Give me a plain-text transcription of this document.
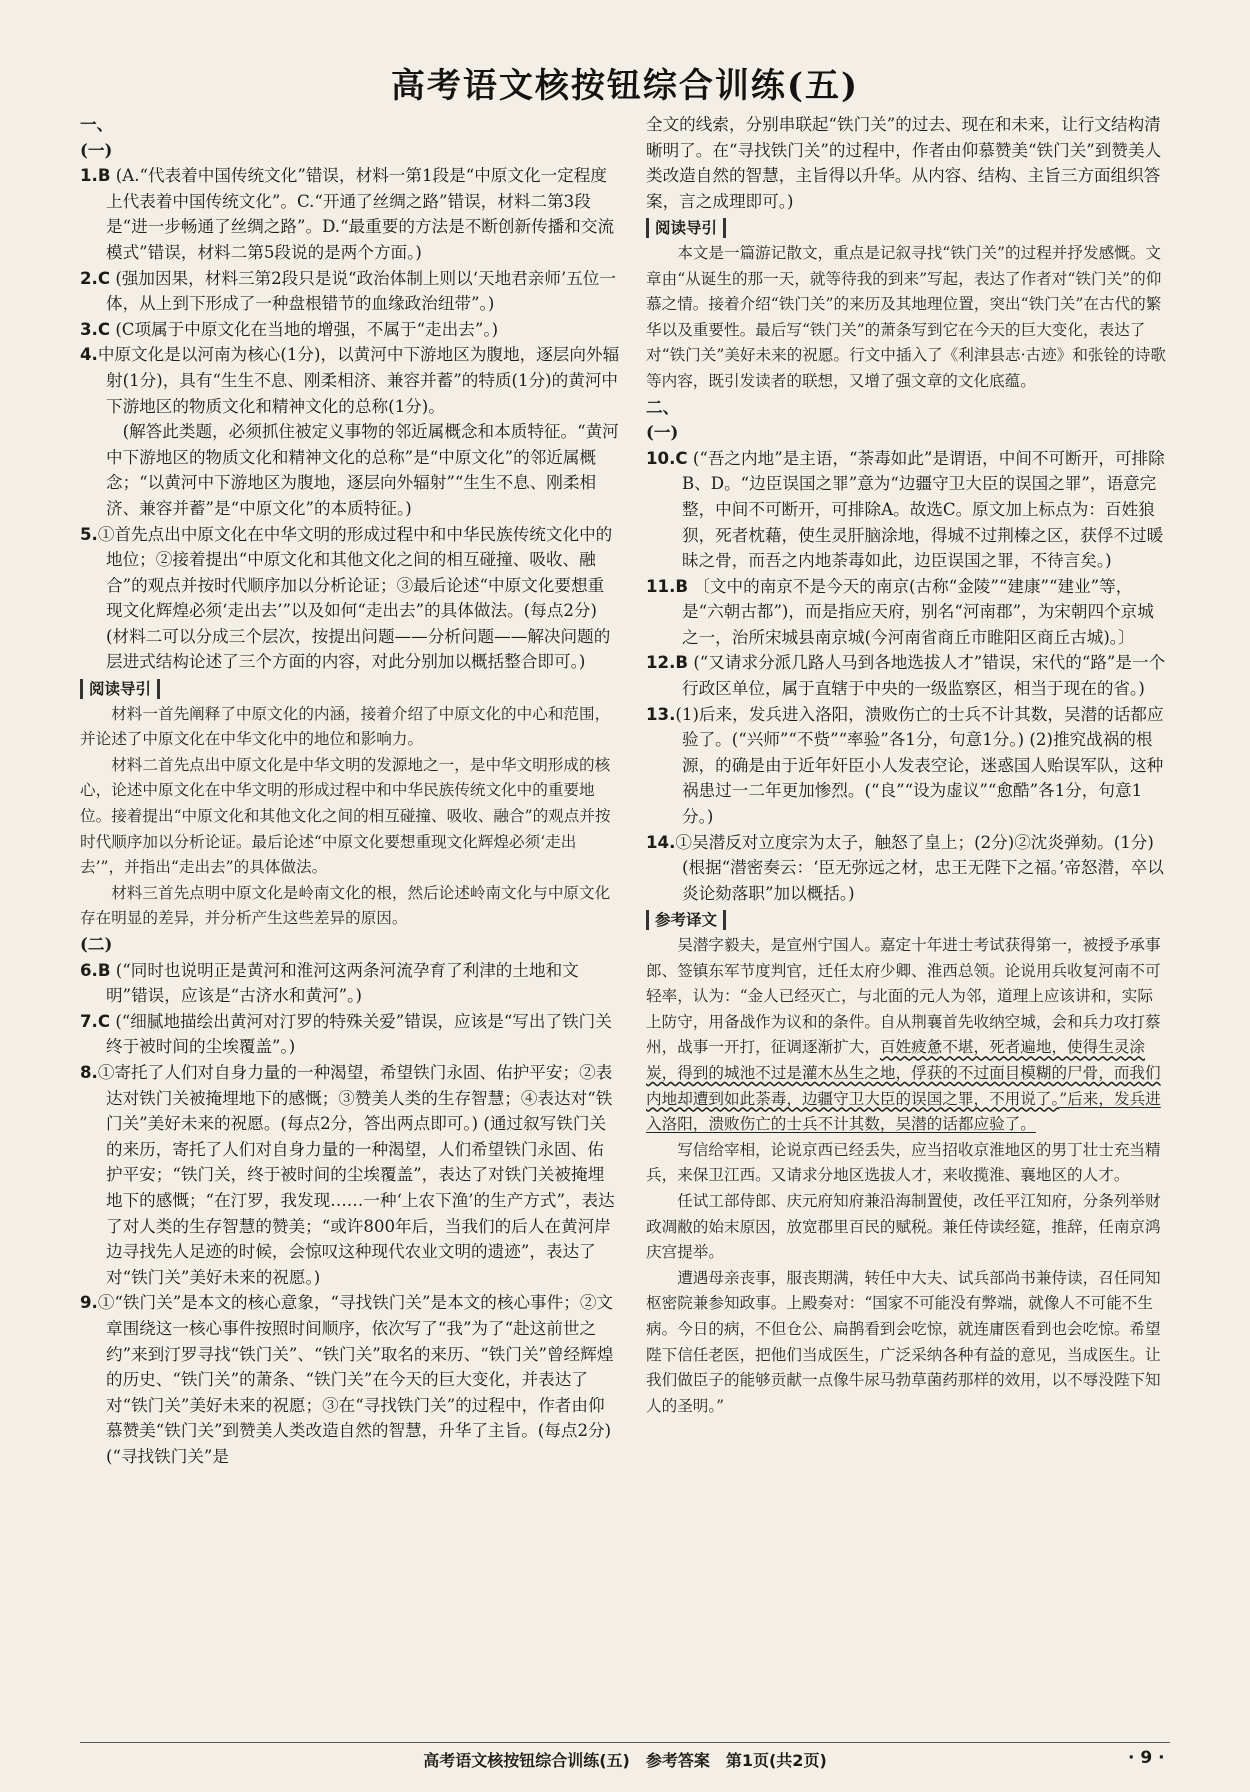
高考语文核按钮综合训练(五)

一、

(一)

1.B (A.“代表着中国传统文化”错误，材料一第1段是“中原文化一定程度上代表着中国传统文化”。C.“开通了丝绸之路”错误，材料二第3段是“进一步畅通了丝绸之路”。D.“最重要的方法是不断创新传播和交流模式”错误，材料二第5段说的是两个方面。)

2.C (强加因果，材料三第2段只是说“政治体制上则以‘天地君亲师’五位一体，从上到下形成了一种盘根错节的血缘政治纽带”。)

3.C (C项属于中原文化在当地的增强，不属于“走出去”。)

4.中原文化是以河南为核心(1分)，以黄河中下游地区为腹地，逐层向外辐射(1分)，具有“生生不息、刚柔相济、兼容并蓄”的特质(1分)的黄河中下游地区的物质文化和精神文化的总称(1分)。

(解答此类题，必须抓住被定义事物的邻近属概念和本质特征。“黄河中下游地区的物质文化和精神文化的总称”是“中原文化”的邻近属概念；“以黄河中下游地区为腹地，逐层向外辐射”“生生不息、刚柔相济、兼容并蓄”是“中原文化”的本质特征。)

5.①首先点出中原文化在中华文明的形成过程中和中华民族传统文化中的地位；②接着提出“中原文化和其他文化之间的相互碰撞、吸收、融合”的观点并按时代顺序加以分析论证；③最后论述“中原文化要想重现文化辉煌必须‘走出去’”以及如何“走出去”的具体做法。(每点2分) (材料二可以分成三个层次，按提出问题——分析问题——解决问题的层进式结构论述了三个方面的内容，对此分别加以概括整合即可。)

阅读导引

材料一首先阐释了中原文化的内涵，接着介绍了中原文化的中心和范围，并论述了中原文化在中华文化中的地位和影响力。

材料二首先点出中原文化是中华文明的发源地之一，是中华文明形成的核心，论述中原文化在中华文明的形成过程中和中华民族传统文化中的重要地位。接着提出“中原文化和其他文化之间的相互碰撞、吸收、融合”的观点并按时代顺序加以分析论证。最后论述“中原文化要想重现文化辉煌必须‘走出去’”，并指出“走出去”的具体做法。

材料三首先点明中原文化是岭南文化的根，然后论述岭南文化与中原文化存在明显的差异，并分析产生这些差异的原因。

(二)

6.B (“同时也说明正是黄河和淮河这两条河流孕育了利津的土地和文明”错误，应该是“古济水和黄河”。)

7.C (“细腻地描绘出黄河对汀罗的特殊关爱”错误，应该是“写出了铁门关终于被时间的尘埃覆盖”。)

8.①寄托了人们对自身力量的一种渴望，希望铁门永固、佑护平安；②表达对铁门关被掩埋地下的感慨；③赞美人类的生存智慧；④表达对“铁门关”美好未来的祝愿。(每点2分，答出两点即可。) (通过叙写铁门关的来历，寄托了人们对自身力量的一种渴望，人们希望铁门永固、佑护平安；“铁门关，终于被时间的尘埃覆盖”，表达了对铁门关被掩埋地下的感慨；“在汀罗，我发现……一种‘上农下渔’的生产方式”，表达了对人类的生存智慧的赞美；“或许800年后，当我们的后人在黄河岸边寻找先人足迹的时候，会惊叹这种现代农业文明的遗迹”，表达了对“铁门关”美好未来的祝愿。)

9.①“铁门关”是本文的核心意象，“寻找铁门关”是本文的核心事件；②文章围绕这一核心事件按照时间顺序，依次写了“我”为了“赴这前世之约”来到汀罗寻找“铁门关”、“铁门关”取名的来历、“铁门关”曾经辉煌的历史、“铁门关”的萧条、“铁门关”在今天的巨大变化，并表达了对“铁门关”美好未来的祝愿；③在“寻找铁门关”的过程中，作者由仰慕赞美“铁门关”到赞美人类改造自然的智慧，升华了主旨。(每点2分) (“寻找铁门关”是

全文的线索，分别串联起“铁门关”的过去、现在和未来，让行文结构清晰明了。在“寻找铁门关”的过程中，作者由仰慕赞美“铁门关”到赞美人类改造自然的智慧，主旨得以升华。从内容、结构、主旨三方面组织答案，言之成理即可。)

阅读导引

本文是一篇游记散文，重点是记叙寻找“铁门关”的过程并抒发感慨。文章由“从诞生的那一天，就等待我的到来”写起，表达了作者对“铁门关”的仰慕之情。接着介绍“铁门关”的来历及其地理位置，突出“铁门关”在古代的繁华以及重要性。最后写“铁门关”的萧条写到它在今天的巨大变化，表达了对“铁门关”美好未来的祝愿。行文中插入了《利津县志·古迹》和张铨的诗歌等内容，既引发读者的联想，又增了强文章的文化底蕴。

二、

(一)

10.C (“吾之内地”是主语，“荼毒如此”是谓语，中间不可断开，可排除B、D。“边臣误国之罪”意为“边疆守卫大臣的误国之罪”，语意完整，中间不可断开，可排除A。故选C。原文加上标点为：百姓狼狈，死者枕藉，使生灵肝脑涂地，得城不过荆榛之区，获俘不过暖昧之骨，而吾之内地荼毒如此，边臣误国之罪，不待言矣。)

11.B 〔文中的南京不是今天的南京(古称“金陵”“建康”“建业”等，是“六朝古都”)，而是指应天府，别名“河南郡”，为宋朝四个京城之一，治所宋城县南京城(今河南省商丘市睢阳区商丘古城)。〕

12.B (“又请求分派几路人马到各地选拔人才”错误，宋代的“路”是一个行政区单位，属于直辖于中央的一级监察区，相当于现在的省。)

13.(1)后来，发兵进入洛阳，溃败伤亡的士兵不计其数，吴潜的话都应验了。(“兴师”“不赀”“率验”各1分，句意1分。) (2)推究战祸的根源，的确是由于近年奸臣小人发表空论，迷惑国人贻误军队，这种祸患过一二年更加惨烈。(“良”“设为虚议”“愈酷”各1分，句意1分。)

14.①吴潜反对立度宗为太子，触怒了皇上；(2分)②沈炎弹劾。(1分) (根据“潜密奏云：‘臣无弥远之材，忠王无陛下之福。’帝怒潜，卒以炎论劾落职”加以概括。)

参考译文

吴潜字毅夫，是宣州宁国人。嘉定十年进士考试获得第一，被授予承事郎、签镇东军节度判官，迁任太府少卿、淮西总领。论说用兵收复河南不可轻率，认为：“金人已经灭亡，与北面的元人为邻，道理上应该讲和，实际上防守，用备战作为议和的条件。自从荆襄首先收纳空城，会和兵力攻打蔡州，战事一开打，征调逐渐扩大，百姓疲惫不堪，死者遍地，使得生灵涂炭，得到的城池不过是灌木丛生之地，俘获的不过面目模糊的尸骨，而我们内地却遭到如此荼毒，边疆守卫大臣的误国之罪，不用说了。”后来，发兵进入洛阳，溃败伤亡的士兵不计其数，吴潜的话都应验了。

写信给宰相，论说京西已经丢失，应当招收京淮地区的男丁壮士充当精兵，来保卫江西。又请求分地区选拔人才，来收揽淮、襄地区的人才。

任试工部侍郎、庆元府知府兼沿海制置使，改任平江知府，分条列举财政凋敝的始末原因，放宽郡里百民的赋税。兼任侍读经筵，推辞，任南京鸿庆宫提举。

遭遇母亲丧事，服丧期满，转任中大夫、试兵部尚书兼侍读，召任同知枢密院兼参知政事。上殿奏对：“国家不可能没有弊端，就像人不可能不生病。今日的病，不但仓公、扁鹊看到会吃惊，就连庸医看到也会吃惊。希望陛下信任老医，把他们当成医生，广泛采纳各种有益的意见，当成医生。让我们做臣子的能够贡献一点像牛尿马勃草菌药那样的效用，以不辱没陛下知人的圣明。”

高考语文核按钮综合训练(五)　参考答案　第1页(共2页)	· 9 ·
